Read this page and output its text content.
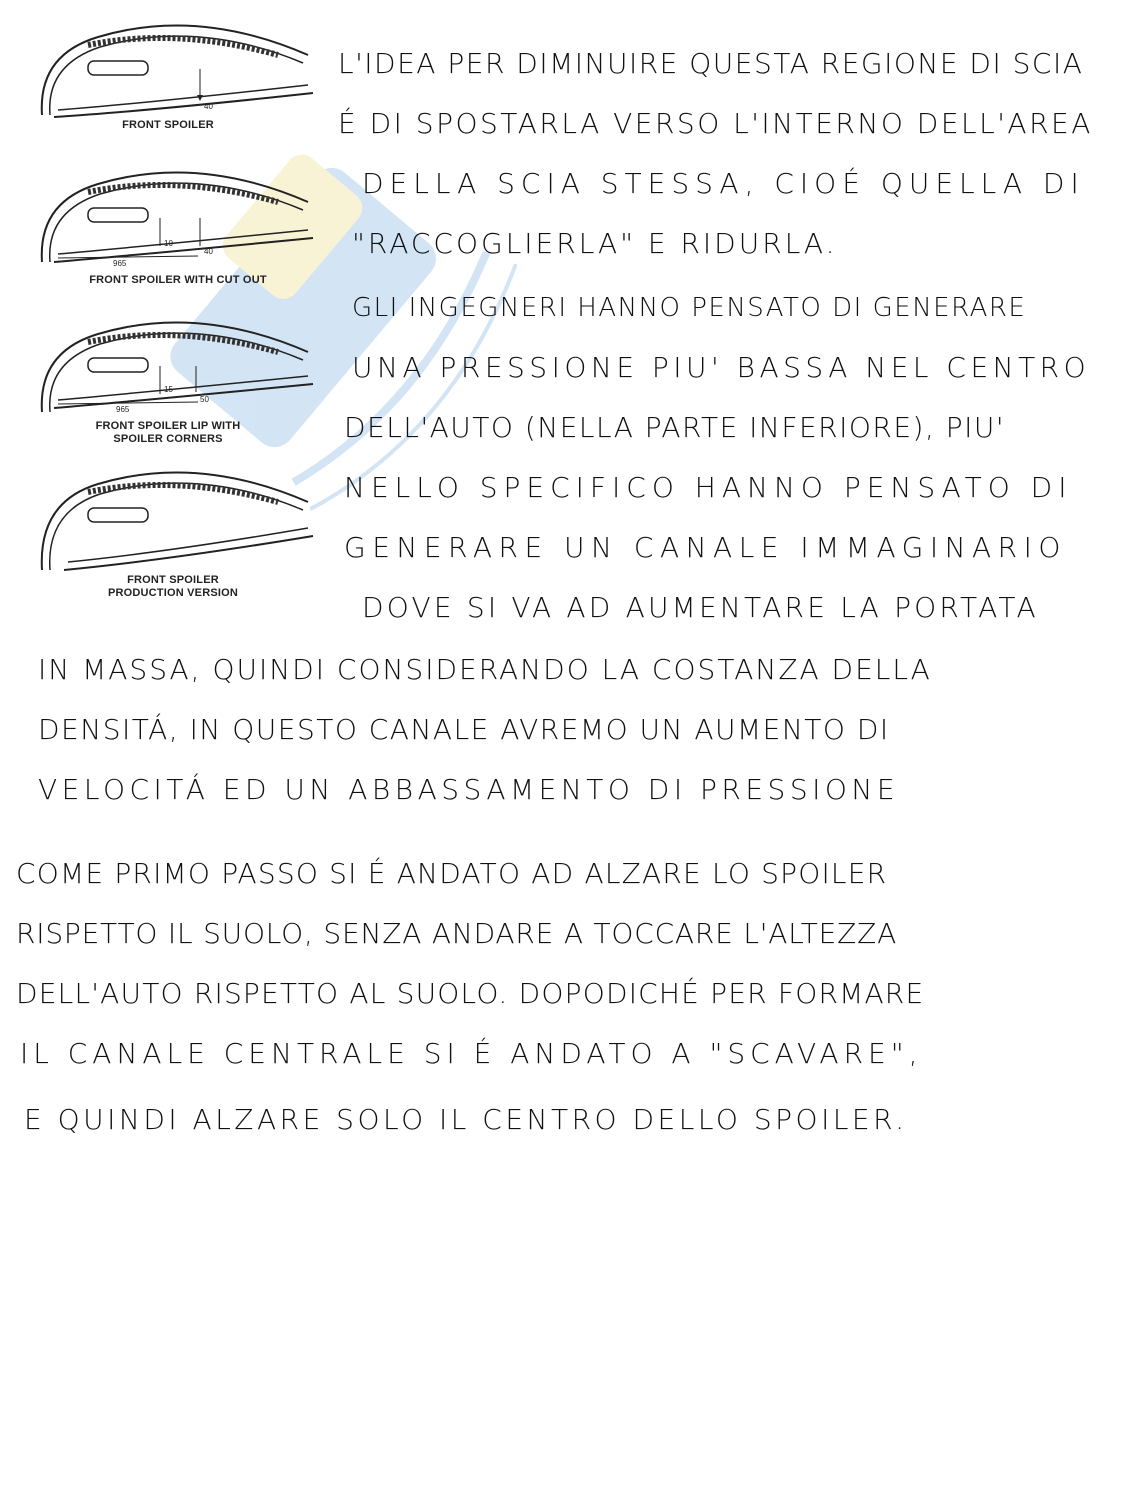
40
FRONT SPOILER
965
10
40
FRONT SPOILER WITH CUT OUT
965
15
50
FRONT SPOILER LIP WITH
SPOILER CORNERS
FRONT SPOILER
PRODUCTION VERSION
L'IDEA PER DIMINUIRE QUESTA REGIONE DI SCIA
É DI SPOSTARLA VERSO L'INTERNO DELL'AREA
DELLA SCIA STESSA, CIOÉ QUELLA DI
"RACCOGLIERLA" E RIDURLA.
GLI INGEGNERI HANNO PENSATO DI GENERARE
UNA PRESSIONE PIU' BASSA NEL CENTRO
DELL'AUTO (NELLA PARTE INFERIORE), PIU'
NELLO SPECIFICO HANNO PENSATO DI
GENERARE UN CANALE IMMAGINARIO
DOVE SI VA AD AUMENTARE LA PORTATA
IN MASSA, QUINDI CONSIDERANDO LA COSTANZA DELLA
DENSITÁ, IN QUESTO CANALE AVREMO UN AUMENTO DI
VELOCITÁ ED UN ABBASSAMENTO DI PRESSIONE
COME PRIMO PASSO SI É ANDATO AD ALZARE LO SPOILER
RISPETTO IL SUOLO, SENZA ANDARE A TOCCARE L'ALTEZZA
DELL'AUTO RISPETTO AL SUOLO. DOPODICHÉ PER FORMARE
IL CANALE CENTRALE SI É ANDATO A "SCAVARE",
E QUINDI ALZARE SOLO IL CENTRO DELLO SPOILER.
